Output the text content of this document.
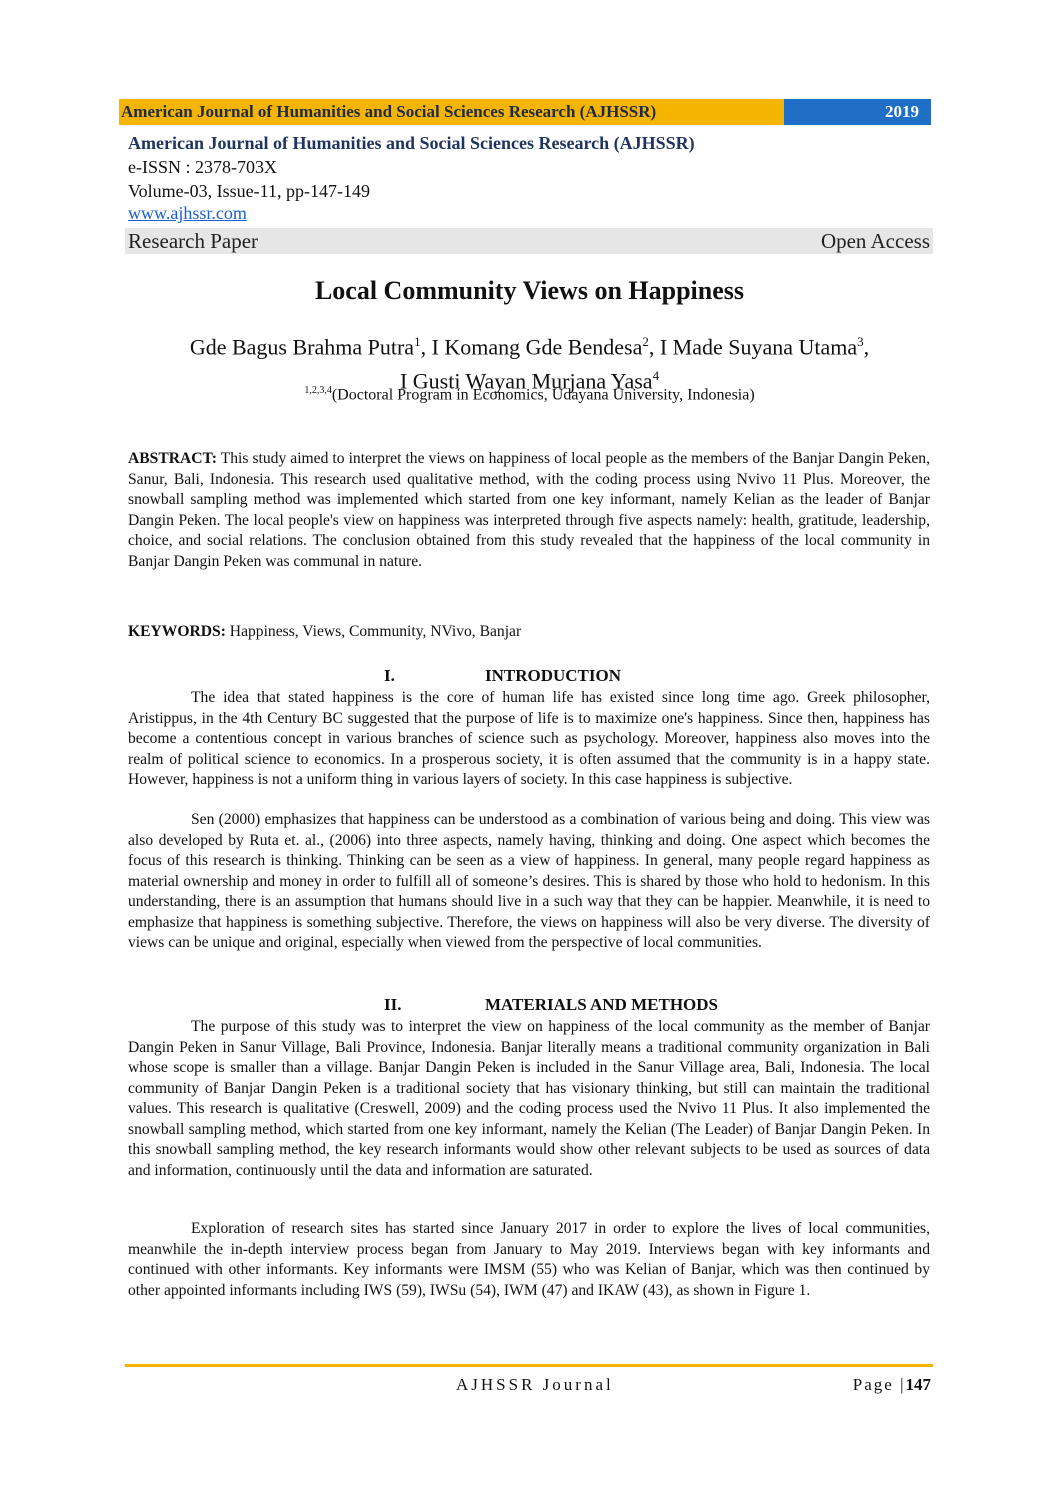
American Journal of Humanities and Social Sciences Research (AJHSSR)	2019
American Journal of Humanities and Social Sciences Research (AJHSSR)
e-ISSN : 2378-703X
Volume-03, Issue-11, pp-147-149
www.ajhssr.com
Research Paper	Open Access
Local Community Views on Happiness
Gde Bagus Brahma Putra$^1$, I Komang Gde Bendesa$^2$, I Made Suyana Utama$^3$,
I Gusti Wayan Murjana Yasa$^4$
$^{1,2,3,4}$(Doctoral Program in Economics, Udayana University, Indonesia)
ABSTRACT: This study aimed to interpret the views on happiness of local people as the members of the Banjar Dangin Peken, Sanur, Bali, Indonesia. This research used qualitative method, with the coding process using Nvivo 11 Plus. Moreover, the snowball sampling method was implemented which started from one key informant, namely Kelian as the leader of Banjar Dangin Peken. The local people's view on happiness was interpreted through five aspects namely: health, gratitude, leadership, choice, and social relations. The conclusion obtained from this study revealed that the happiness of the local community in Banjar Dangin Peken was communal in nature.
KEYWORDS: Happiness, Views, Community, NVivo, Banjar
I.	INTRODUCTION
The idea that stated happiness is the core of human life has existed since long time ago. Greek philosopher, Aristippus, in the 4th Century BC suggested that the purpose of life is to maximize one's happiness. Since then, happiness has become a contentious concept in various branches of science such as psychology. Moreover, happiness also moves into the realm of political science to economics. In a prosperous society, it is often assumed that the community is in a happy state. However, happiness is not a uniform thing in various layers of society. In this case happiness is subjective.
Sen (2000) emphasizes that happiness can be understood as a combination of various being and doing. This view was also developed by Ruta et. al., (2006) into three aspects, namely having, thinking and doing. One aspect which becomes the focus of this research is thinking. Thinking can be seen as a view of happiness. In general, many people regard happiness as material ownership and money in order to fulfill all of someone’s desires. This is shared by those who hold to hedonism. In this understanding, there is an assumption that humans should live in a such way that they can be happier. Meanwhile, it is need to emphasize that happiness is something subjective. Therefore, the views on happiness will also be very diverse. The diversity of views can be unique and original, especially when viewed from the perspective of local communities.
II.	MATERIALS AND METHODS
The purpose of this study was to interpret the view on happiness of the local community as the member of Banjar Dangin Peken in Sanur Village, Bali Province, Indonesia. Banjar literally means a traditional community organization in Bali whose scope is smaller than a village. Banjar Dangin Peken is included in the Sanur Village area, Bali, Indonesia. The local community of Banjar Dangin Peken is a traditional society that has visionary thinking, but still can maintain the traditional values. This research is qualitative (Creswell, 2009) and the coding process used the Nvivo 11 Plus. It also implemented the snowball sampling method, which started from one key informant, namely the Kelian (The Leader) of Banjar Dangin Peken. In this snowball sampling method, the key research informants would show other relevant subjects to be used as sources of data and information, continuously until the data and information are saturated.
Exploration of research sites has started since January 2017 in order to explore the lives of local communities, meanwhile the in-depth interview process began from January to May 2019. Interviews began with key informants and continued with other informants. Key informants were IMSM (55) who was Kelian of Banjar, which was then continued by other appointed informants including IWS (59), IWSu (54), IWM (47) and IKAW (43), as shown in Figure 1.
AJHSSR Journal	Page |147
